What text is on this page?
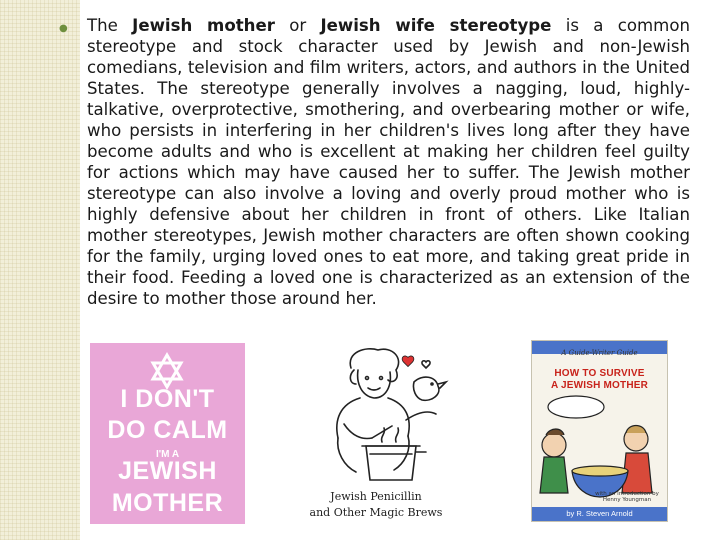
● The Jewish mother or Jewish wife stereotype is a common stereotype and stock character used by Jewish and non-Jewish comedians, television and film writers, actors, and authors in the United States. The stereotype generally involves a nagging, loud, highly-talkative, overprotective, smothering, and overbearing mother or wife, who persists in interfering in her children's lives long after they have become adults and who is excellent at making her children feel guilty for actions which may have caused her to suffer. The Jewish mother stereotype can also involve a loving and overly proud mother who is highly defensive about her children in front of others. Like Italian mother stereotypes, Jewish mother characters are often shown cooking for the family, urging loved ones to eat more, and taking great pride in their food. Feeding a loved one is characterized as an extension of the desire to mother those around her.
I DON'T
DO CALM
I'M A
JEWISH
MOTHER	Jewish Penicillin
and Other Magic Brews
A Guide-Writer Guide
HOW TO SURVIVE
A JEWISH MOTHER
with an Introduction by Henny Youngman
by R. Steven Arnold
